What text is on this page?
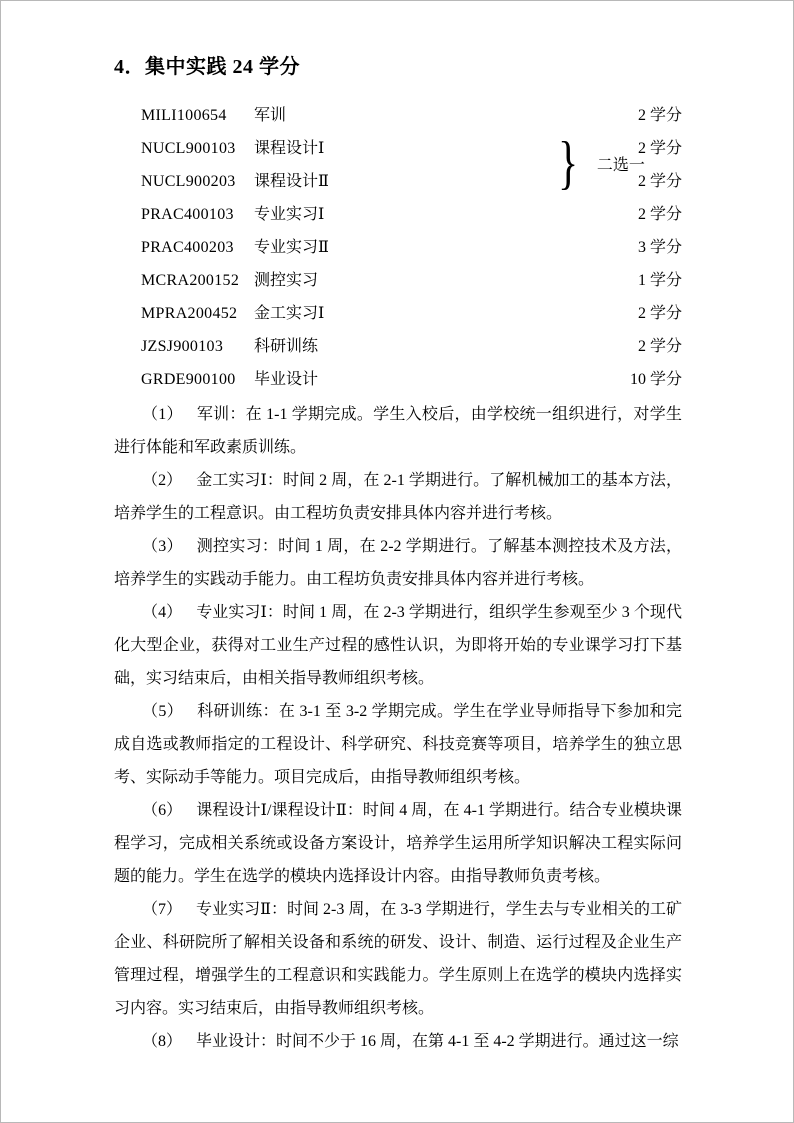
4．集中实践 24 学分
MILI100654	军训	2 学分
NUCL900103	课程设计Ⅰ	2 学分
NUCL900203	课程设计Ⅱ	2 学分
PRAC400103	专业实习Ⅰ	2 学分
PRAC400203	专业实习Ⅱ	3 学分
MCRA200152 测控实习	1 学分
MPRA200452	金工实习Ⅰ	2 学分
JZSJ900103	科研训练	2 学分
GRDE900100	毕业设计	10 学分
} 二选一

（1） 军训：在 1-1 学期完成。学生入校后，由学校统一组织进行，对学生进行体能和军政素质训练。

（2） 金工实习Ⅰ：时间 2 周，在 2-1 学期进行。了解机械加工的基本方法，培养学生的工程意识。由工程坊负责安排具体内容并进行考核。

（3） 测控实习：时间 1 周，在 2-2 学期进行。了解基本测控技术及方法，培养学生的实践动手能力。由工程坊负责安排具体内容并进行考核。

（4） 专业实习Ⅰ：时间 1 周，在 2-3 学期进行，组织学生参观至少 3 个现代化大型企业，获得对工业生产过程的感性认识，为即将开始的专业课学习打下基础，实习结束后，由相关指导教师组织考核。

（5） 科研训练：在 3-1 至 3-2 学期完成。学生在学业导师指导下参加和完成自选或教师指定的工程设计、科学研究、科技竞赛等项目，培养学生的独立思考、实际动手等能力。项目完成后，由指导教师组织考核。

（6） 课程设计Ⅰ/课程设计Ⅱ：时间 4 周，在 4-1 学期进行。结合专业模块课程学习，完成相关系统或设备方案设计，培养学生运用所学知识解决工程实际问题的能力。学生在选学的模块内选择设计内容。由指导教师负责考核。

（7） 专业实习Ⅱ：时间 2-3 周，在 3-3 学期进行，学生去与专业相关的工矿企业、科研院所了解相关设备和系统的研发、设计、制造、运行过程及企业生产管理过程，增强学生的工程意识和实践能力。学生原则上在选学的模块内选择实习内容。实习结束后，由指导教师组织考核。

（8） 毕业设计：时间不少于 16 周，在第 4-1 至 4-2 学期进行。通过这一综
